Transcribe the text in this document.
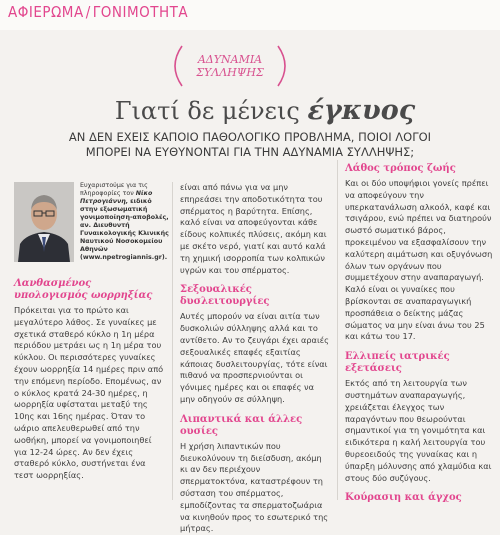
ΑΦΙΕΡΩΜΑ / ΓΟΝΙΜΟΤΗΤΑ
ΑΔΥΝΑΜΙΑ
ΣΥΛΛΗΨΗΣ
Γιατί δε μένεις έγκυος
ΑΝ ΔΕΝ ΕΧΕΙΣ ΚΑΠΟΙΟ ΠΑΘΟΛΟΓΙΚΟ ΠΡΟΒΛΗΜΑ, ΠΟΙΟΙ ΛΟΓΟΙ
ΜΠΟΡΕΙ ΝΑ ΕΥΘΥΝΟΝΤΑΙ ΓΙΑ ΤΗΝ ΑΔΥΝΑΜΙΑ ΣΥΛΛΗΨΗΣ;
Ευχαριστούμε για τις πληροφορίες τον Νίκο Πετρογιάννη, ειδικό στην εξωσωματική γονιμοποίηση-αποβολές, αν. Διευθυντή Γυναικολογικής Κλινικής Ναυτικού Νοσοκομείου Αθηνών (www.npetrogiannis.gr).
Λανθασμένος υπολογισμός ωορρηξίας

Πρόκειται για το πρώτο και μεγαλύτερο λάθος. Σε γυναίκες με σχετικά σταθερό κύκλο η 1η μέρα περιόδου μετράει ως η 1η μέρα του κύκλου. Οι περισσότερες γυναίκες έχουν ωορρηξία 14 ημέρες πριν από την επόμενη περίοδο. Επομένως, αν ο κύκλος κρατά 24-30 ημέρες, η ωορρηξία υφίσταται μεταξύ της 10ης και 16ης ημέρας. Όταν το ωάριο απελευθερωθεί από την ωοθήκη, μπορεί να γονιμοποιηθεί για 12-24 ώρες. Αν δεν έχεις σταθερό κύκλο, συστήνεται ένα τεστ ωορρηξίας.

είναι από πάνω για να μην επηρεάσει την αποδοτικότητα του σπέρματος η βαρύτητα. Επίσης, καλό είναι να αποφεύγονται κάθε είδους κολπικές πλύσεις, ακόμη και με σκέτο νερό, γιατί και αυτό καλά τη χημική ισορροπία των κολπικών υγρών και του σπέρματος.

Σεξουαλικές δυσλειτουργίες

Αυτές μπορούν να είναι αιτία των δυσκολιών σύλληψης αλλά και το αντίθετο. Αν το ζευγάρι έχει αραιές σεξουαλικές επαφές εξαιτίας κάποιας δυσλειτουργίας, τότε είναι πιθανό να προσπερνιούνται οι γόνιμες ημέρες και οι επαφές να μην οδηγούν σε σύλληψη.

Λιπαντικά και άλλες ουσίες

Η χρήση λιπαντικών που διευκολύνουν τη διείσδυση, ακόμη κι αν δεν περιέχουν σπερματοκτόνα, καταστρέφουν τη σύσταση του σπέρματος, εμποδίζοντας τα σπερματοζωάρια να κινηθούν προς το εσωτερικό της μήτρας.

Λάθος τρόπος ζωής

Και οι δύο υποψήφιοι γονείς πρέπει να αποφεύγουν την υπερκατανάλωση αλκοόλ, καφέ και τσιγάρου, ενώ πρέπει να διατηρούν σωστό σωματικό βάρος, προκειμένου να εξασφαλίσουν την καλύτερη αιμάτωση και οξυγόνωση όλων των οργάνων που συμμετέχουν στην αναπαραγωγή. Καλό είναι οι γυναίκες που βρίσκονται σε αναπαραγωγική προσπάθεια ο δείκτης μάζας σώματος να μην είναι άνω του 25 και κάτω του 17.

Ελλιπείς ιατρικές εξετάσεις

Εκτός από τη λειτουργία των συστημάτων αναπαραγωγής, χρειάζεται έλεγχος των παραγόντων που θεωρούνται σημαντικοί για τη γονιμότητα και ειδικότερα η καλή λειτουργία του θυρεοειδούς της γυναίκας και η ύπαρξη μόλυνσης από χλαμύδια και στους δύο συζύγους.

Κούρασιη και άγχος
